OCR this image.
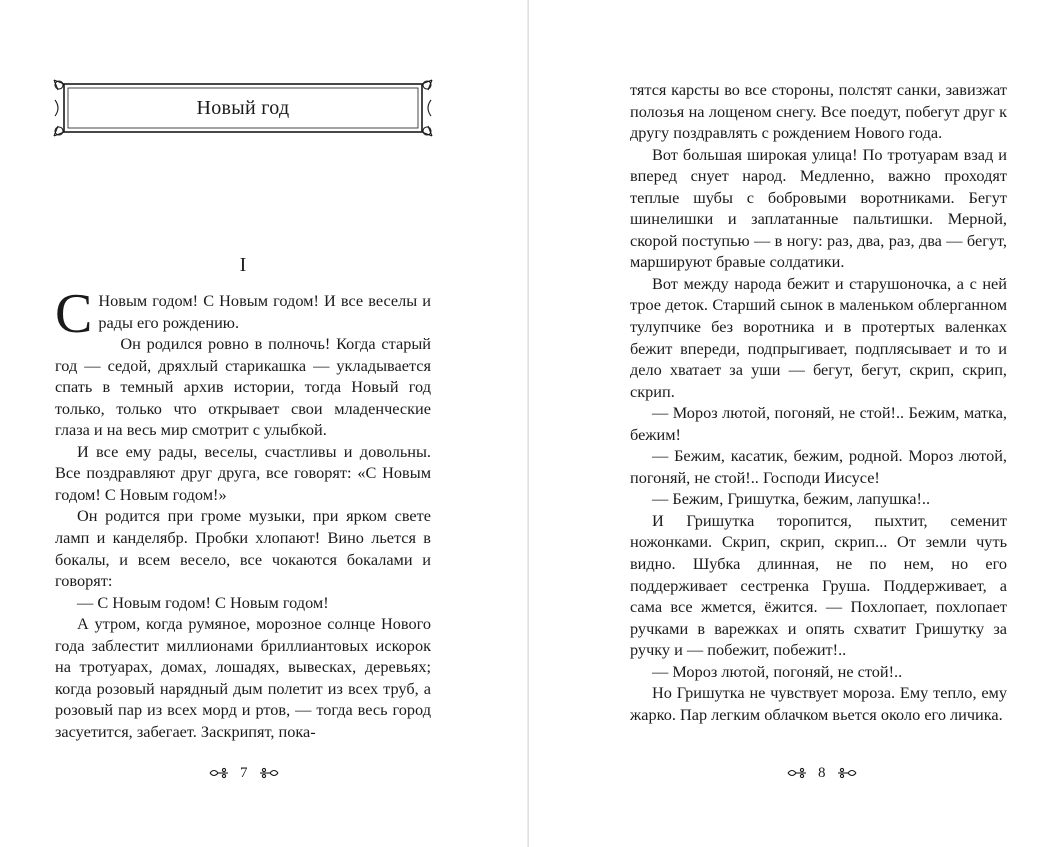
Новый год
I

С Новым годом! С Новым годом! И все веселы и рады его рождению.

Он родился ровно в полночь! Когда старый год — седой, дряхлый старикашка — укладывается спать в темный архив истории, тогда Новый год только, только что открывает свои младенческие глаза и на весь мир смотрит с улыбкой.

И все ему рады, веселы, счастливы и довольны. Все поздравляют друг друга, все говорят: «С Новым годом! С Новым годом!»

Он родится при громе музыки, при ярком свете ламп и канделябр. Пробки хлопают! Вино льется в бокалы, и всем весело, все чокаются бокалами и говорят:

— С Новым годом! С Новым годом!

А утром, когда румяное, морозное солнце Нового года заблестит миллионами бриллиантовых искорок на тротуарах, домах, лошадях, вывесках, деревьях; когда розовый нарядный дым полетит из всех труб, а розовый пар из всех морд и ртов, — тогда весь город засуетится, забегает. Заскрипят, пока-

7

тятся карсты во все стороны, полстят санки, завизжат полозья на лощеном снегу. Все поедут, побегут друг к другу поздравлять с рождением Нового года.

Вот большая широкая улица! По тротуарам взад и вперед снует народ. Медленно, важно проходят теплые шубы с бобровыми воротниками. Бегут шинелишки и заплатанные пальтишки. Мерной, скорой поступью — в ногу: раз, два, раз, два — бегут, маршируют бравые солдатики.

Вот между народа бежит и старушоночка, а с ней трое деток. Старший сынок в маленьком облерганном тулупчике без воротника и в протертых валенках бежит впереди, подпрыгивает, подплясывает и то и дело хватает за уши — бегут, бегут, скрип, скрип, скрип.

— Мороз лютой, погоняй, не стой!.. Бежим, матка, бежим!

— Бежим, касатик, бежим, родной. Мороз лютой, погоняй, не стой!.. Господи Иисусе!

— Бежим, Гришутка, бежим, лапушка!..

И Гришутка торопится, пыхтит, семенит ножонками. Скрип, скрип, скрип... От земли чуть видно. Шубка длинная, не по нем, но его поддерживает сестренка Груша. Поддерживает, а сама все жмется, ёжится. — Похлопает, похлопает ручками в варежках и опять схватит Гришутку за ручку и — побежит, побежит!..

— Мороз лютой, погоняй, не стой!..

Но Гришутка не чувствует мороза. Ему тепло, ему жарко. Пар легким облачком вьется около его личика.

8
